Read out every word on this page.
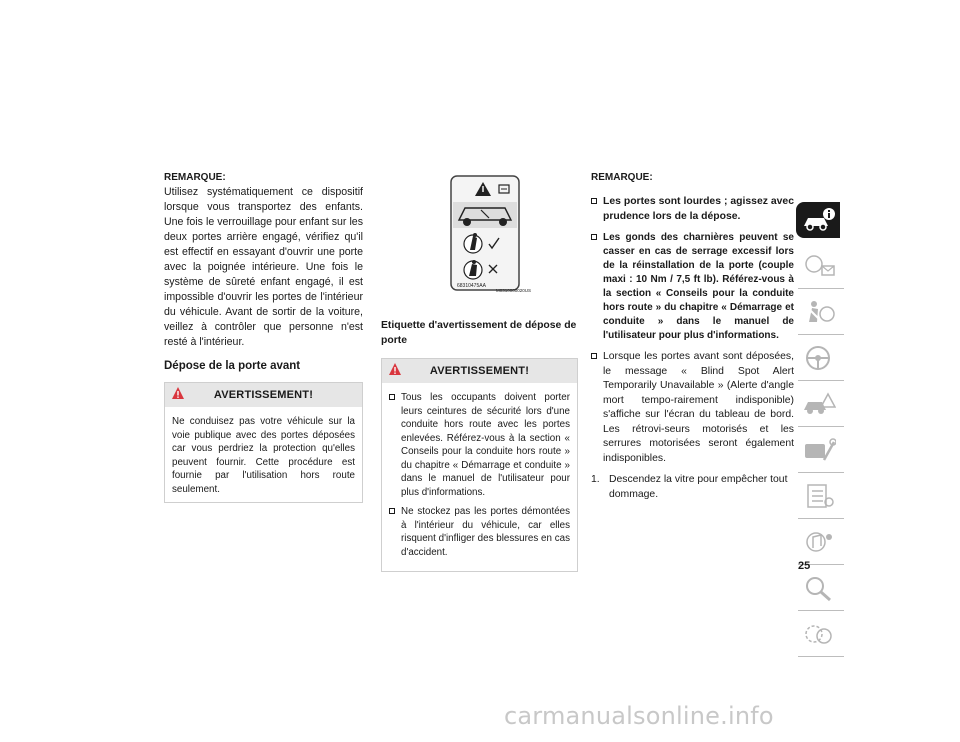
REMARQUE:
Utilisez systématiquement ce dispositif lorsque vous transportez des enfants. Une fois le verrouillage pour enfant sur les deux portes arrière engagé, vérifiez qu'il est effectif en essayant d'ouvrir une porte avec la poignée intérieure. Une fois le système de sûreté enfant engagé, il est impossible d'ouvrir les portes de l'intérieur du véhicule. Avant de sortir de la voiture, veillez à contrôler que personne n'est resté à l'intérieur.
Dépose de la porte avant
AVERTISSEMENT!
Ne conduisez pas votre véhicule sur la voie publique avec des portes déposées car vous perdriez la protection qu'elles peuvent fournir. Cette procédure est fournie par l'utilisation hors route seulement.
68310475AA
M0310000020US
Etiquette d'avertissement de dépose de porte
AVERTISSEMENT!
Tous les occupants doivent porter leurs ceintures de sécurité lors d'une conduite hors route avec les portes enlevées. Référez-vous à la section « Conseils pour la conduite hors route » du chapitre « Démarrage et conduite » dans le manuel de l'utilisateur pour plus d'informations.
Ne stockez pas les portes démontées à l'intérieur du véhicule, car elles risquent d'infliger des blessures en cas d'accident.
REMARQUE:
Les portes sont lourdes ; agissez avec prudence lors de la dépose.
Les gonds des charnières peuvent se casser en cas de serrage excessif lors de la réinstallation de la porte (couple maxi : 10 Nm / 7,5 ft lb). Référez-vous à la section « Conseils pour la conduite hors route » du chapitre « Démarrage et conduite » dans le manuel de l'utilisateur pour plus d'informations.
Lorsque les portes avant sont déposées, le message « Blind Spot Alert Temporarily Unavailable » (Alerte d'angle mort tempo-rairement indisponible) s'affiche sur l'écran du tableau de bord. Les rétrovi-seurs motorisés et les serrures motorisées seront également indisponibles.
1. Descendez la vitre pour empêcher tout dommage.
25
carmanualsonline.info
